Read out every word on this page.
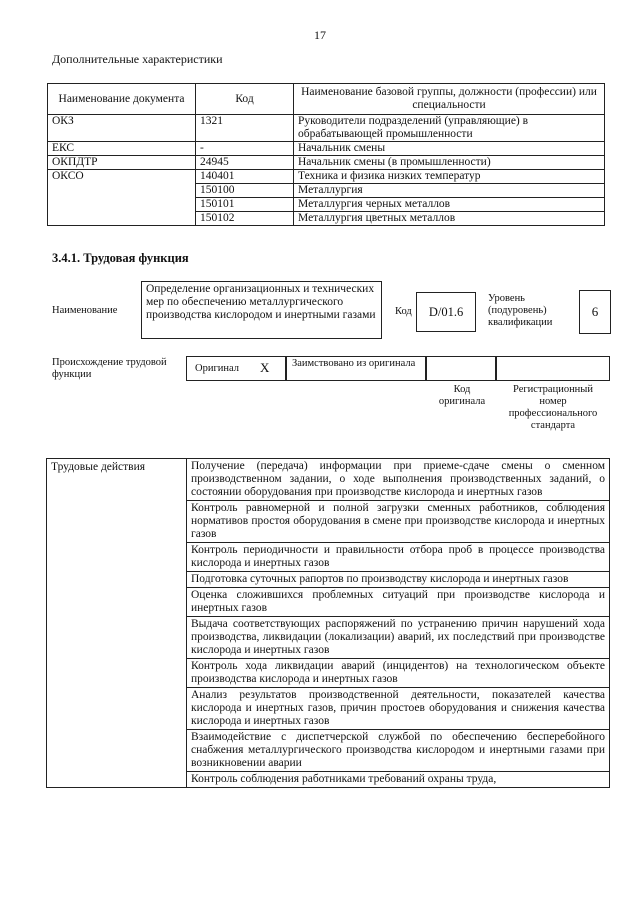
17
Дополнительные характеристики
Наименование документа	Код	Наименование базовой группы, должности (профессии) или специальности
ОКЗ	1321	Руководители подразделений (управляющие) в обрабатывающей промышленности
ЕКС	-	Начальник смены
ОКПДТР	24945	Начальник смены (в промышленности)
ОКСО	140401	Техника и физика низких температур
	150100	Металлургия
	150101	Металлургия черных металлов
	150102	Металлургия цветных металлов
3.4.1. Трудовая функция
Наименование
Определение организационных и технических мер по обеспечению металлургического производства кислородом и инертными газами	Код	D/01.6
Уровень (подуровень) квалификации
6
Происхождение трудовой функции
Оригинал X Заимствовано из оригинала
Код оригинала
Регистрационный номер профессионального стандарта
Трудовые действия	Получение (передача) информации при приеме-сдаче смены о сменном производственном задании, о ходе выполнения производственных заданий, о состоянии оборудования при производстве кислорода и инертных газов
Контроль равномерной и полной загрузки сменных работников, соблюдения нормативов простоя оборудования в смене при производстве кислорода и инертных газов
Контроль периодичности и правильности отбора проб в процессе производства кислорода и инертных газов
Подготовка суточных рапортов по производству кислорода и инертных газов
Оценка сложившихся проблемных ситуаций при производстве кислорода и инертных газов
Выдача соответствующих распоряжений по устранению причин нарушений хода производства, ликвидации (локализации) аварий, их последствий при производстве кислорода и инертных газов
Контроль хода ликвидации аварий (инцидентов) на технологическом объекте производства кислорода и инертных газов
Анализ результатов производственной деятельности, показателей качества кислорода и инертных газов, причин простоев оборудования и снижения качества кислорода и инертных газов
Взаимодействие с диспетчерской службой по обеспечению бесперебойного снабжения металлургического производства кислородом и инертными газами при возникновении аварии
Контроль соблюдения работниками требований охраны труда,
